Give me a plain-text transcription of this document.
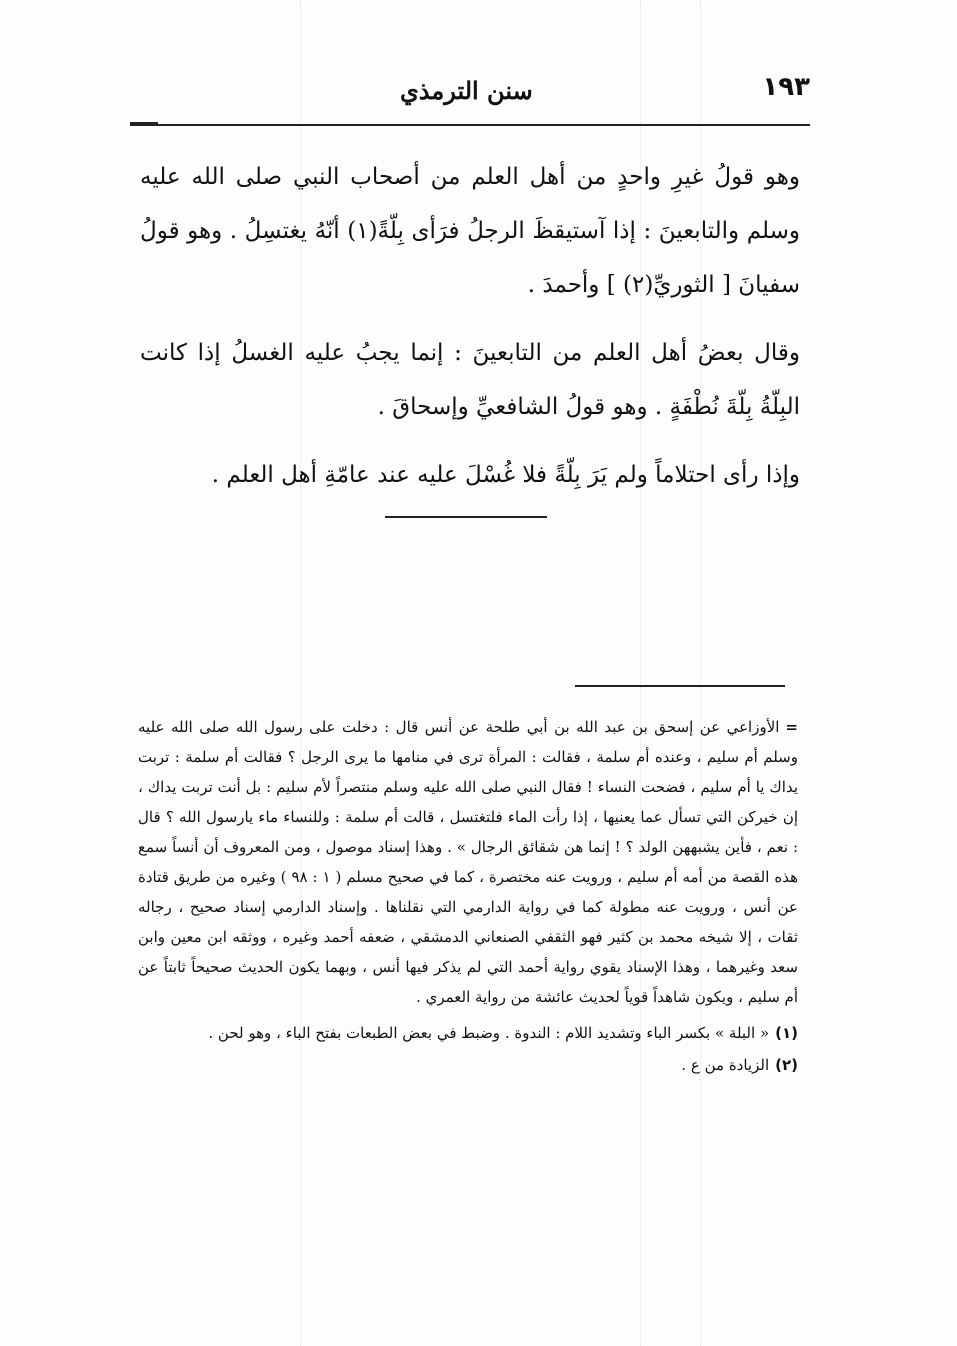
سنن الترمذي	١٩٣

وهو قولُ غيرِ واحدٍ من أهل العلم من أصحاب النبي صلى الله عليه وسلم والتابعينَ : إذا آستيقظَ الرجلُ فرَأى بِلّةً(١) أنّهُ يغتسِلُ . وهو قولُ سفيانَ [ الثوريِّ(٢) ] وأحمدَ .

وقال بعضُ أهل العلم من التابعينَ : إنما يجبُ عليه الغسلُ إذا كانت البِلّةُ بِلّةَ نُطْفَةٍ . وهو قولُ الشافعيِّ وإسحاقَ .

وإذا رأى احتلاماً ولم يَرَ بِلّةً فلا غُسْلَ عليه عند عامّةِ أهل العلم .

=الأوزاعي عن إسحق بن عبد الله بن أبي طلحة عن أنس قال : دخلت على رسول الله صلى الله عليه وسلم أم سليم ، وعنده أم سلمة ، فقالت : المرأة ترى في منامها ما يرى الرجل ؟ فقالت أم سلمة : تربت يداك يا أم سليم ، فضحت النساء ! فقال النبي صلى الله عليه وسلم منتصراً لأم سليم : بل أنت تربت يداك ، إن خيركن التي تسأل عما يعنيها ، إذا رأت الماء فلتغتسل ، قالت أم سلمة : وللنساء ماء يارسول الله ؟ قال : نعم ، فأين يشبههن الولد ؟ ! إنما هن شقائق الرجال » . وهذا إسناد موصول ، ومن المعروف أن أنساً سمع هذه القصة من أمه أم سليم ، ورويت عنه مختصرة ، كما في صحيح مسلم ( ١ : ٩٨ ) وغيره من طريق قتادة عن أنس ، ورويت عنه مطولة كما في رواية الدارمي التي نقلناها . وإسناد الدارمي إسناد صحيح ، رجاله ثقات ، إلا شيخه محمد بن كثير فهو الثقفي الصنعاني الدمشقي ، ضعفه أحمد وغيره ، ووثقه ابن معين وابن سعد وغيرهما ، وهذا الإسناد يقوي رواية أحمد التي لم يذكر فيها أنس ، وبهما يكون الحديث صحيحاً ثابتاً عن أم سليم ، ويكون شاهداً قوياً لحديث عائشة من رواية العمري .

(١)« البلة » بكسر الباء وتشديد اللام : الندوة . وضبط في بعض الطبعات بفتح الباء ، وهو لحن .

(٢)الزيادة من ع .
